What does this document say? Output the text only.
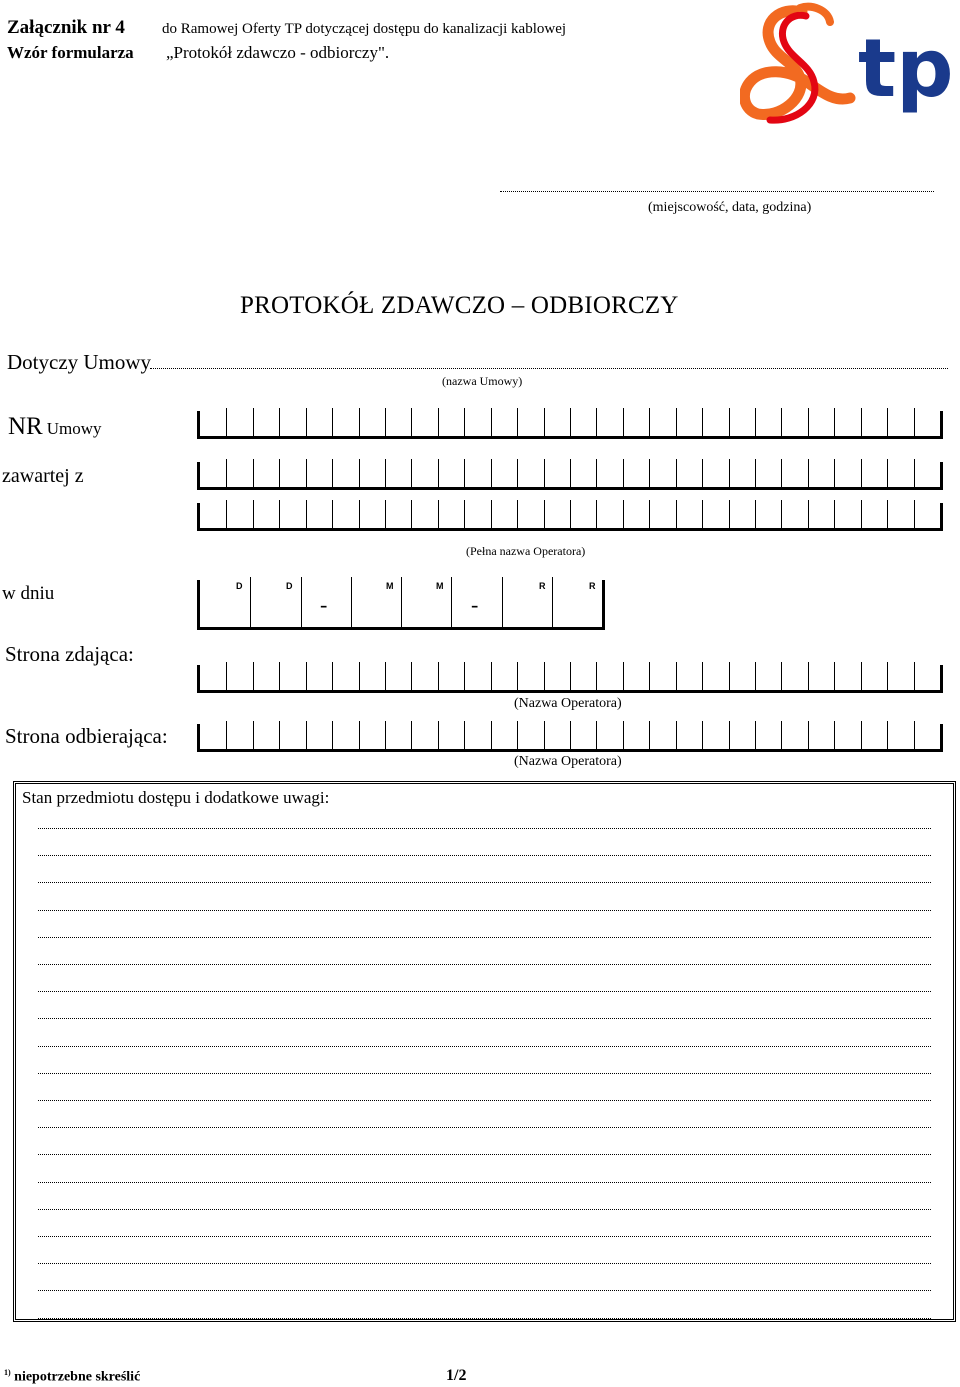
Załącznik nr 4 do Ramowej Oferty TP dotyczącej dostępu do kanalizacji kablowej
Wzór formularza „Protokół zdawczo - odbiorczy".	tp
(miejscowość, data, godzina)
PROTOKÓŁ ZDAWCZO – ODBIORCZY
Dotyczy Umowy
(nazwa Umowy)
NR Umowy
zawartej z
(Pełna nazwa Operatora)
w dniu	D	D	M	M	R	R
-	-
Strona zdająca:
(Nazwa Operatora)
Strona odbierająca:
(Nazwa Operatora)
Stan przedmiotu dostępu i dodatkowe uwagi:
$^{1)}$ niepotrzebne skreślić	1/2
